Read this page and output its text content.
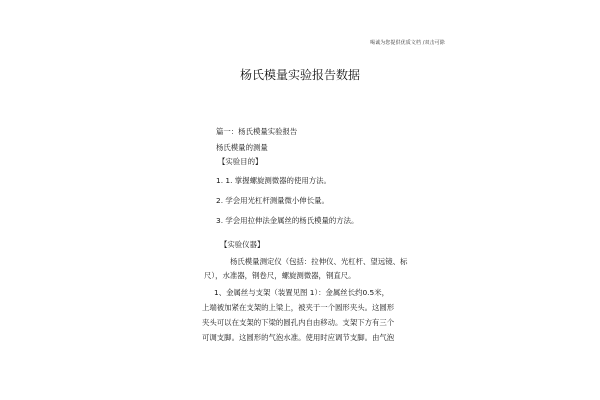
喝诚为您提供优质文档 /双击可除
杨氏模量实验报告数据
篇一：杨氏模量实验报告
杨氏模量的测量
【实验目的】
1. 1. 掌握螺旋测微器的使用方法。
2. 学会用光杠杆测量微小伸长量。
3. 学会用拉伸法金属丝的杨氏模量的方法。
【实验仪器】
杨氏模量测定仪（包括：拉伸仪、光杠杆、望远镜、标
尺），水准器，钢卷尺，螺旋测微器，钢直尺。
1、金属丝与支架（装置见图 1）：金属丝长约0.5米，
上端被加紧在支架的上梁上，被夹于一个圆形夹头。这圆形
夹头可以在支架的下梁的圆孔内自由移动。支架下方有三个
可调支脚。这圆形的气泡水准。使用时应调节支脚。由气泡
